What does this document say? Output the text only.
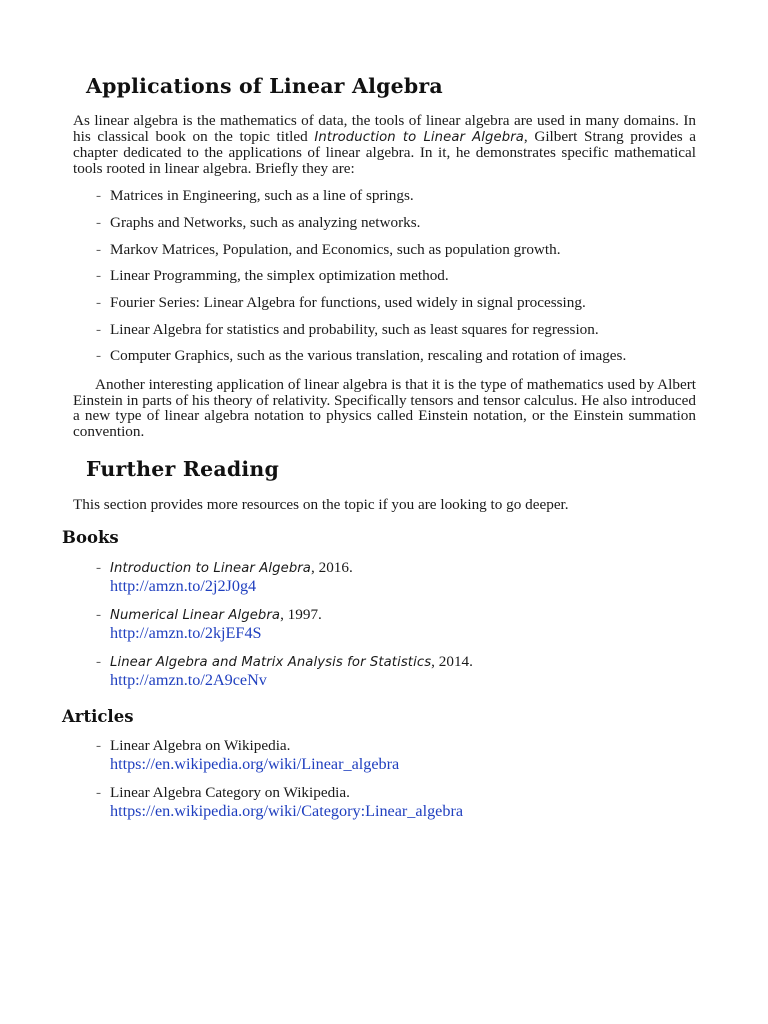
Applications of Linear Algebra

As linear algebra is the mathematics of data, the tools of linear algebra are used in many domains. In his classical book on the topic titled Introduction to Linear Algebra, Gilbert Strang provides a chapter dedicated to the applications of linear algebra. In it, he demonstrates specific mathematical tools rooted in linear algebra. Briefly they are:

- Matrices in Engineering, such as a line of springs.

- Graphs and Networks, such as analyzing networks.

- Markov Matrices, Population, and Economics, such as population growth.

- Linear Programming, the simplex optimization method.

- Fourier Series: Linear Algebra for functions, used widely in signal processing.

- Linear Algebra for statistics and probability, such as least squares for regression.

- Computer Graphics, such as the various translation, rescaling and rotation of images.

Another interesting application of linear algebra is that it is the type of mathematics used by Albert Einstein in parts of his theory of relativity. Specifically tensors and tensor calculus. He also introduced a new type of linear algebra notation to physics called Einstein notation, or the Einstein summation convention.

Further Reading

This section provides more resources on the topic if you are looking to go deeper.

Books

- Introduction to Linear Algebra, 2016.

http://amzn.to/2j2J0g4

- Numerical Linear Algebra, 1997.

http://amzn.to/2kjEF4S

- Linear Algebra and Matrix Analysis for Statistics, 2014.

http://amzn.to/2A9ceNv
Articles

- Linear Algebra on Wikipedia.

https://en.wikipedia.org/wiki/Linear_algebra

- Linear Algebra Category on Wikipedia.

https://en.wikipedia.org/wiki/Category:Linear_algebra
